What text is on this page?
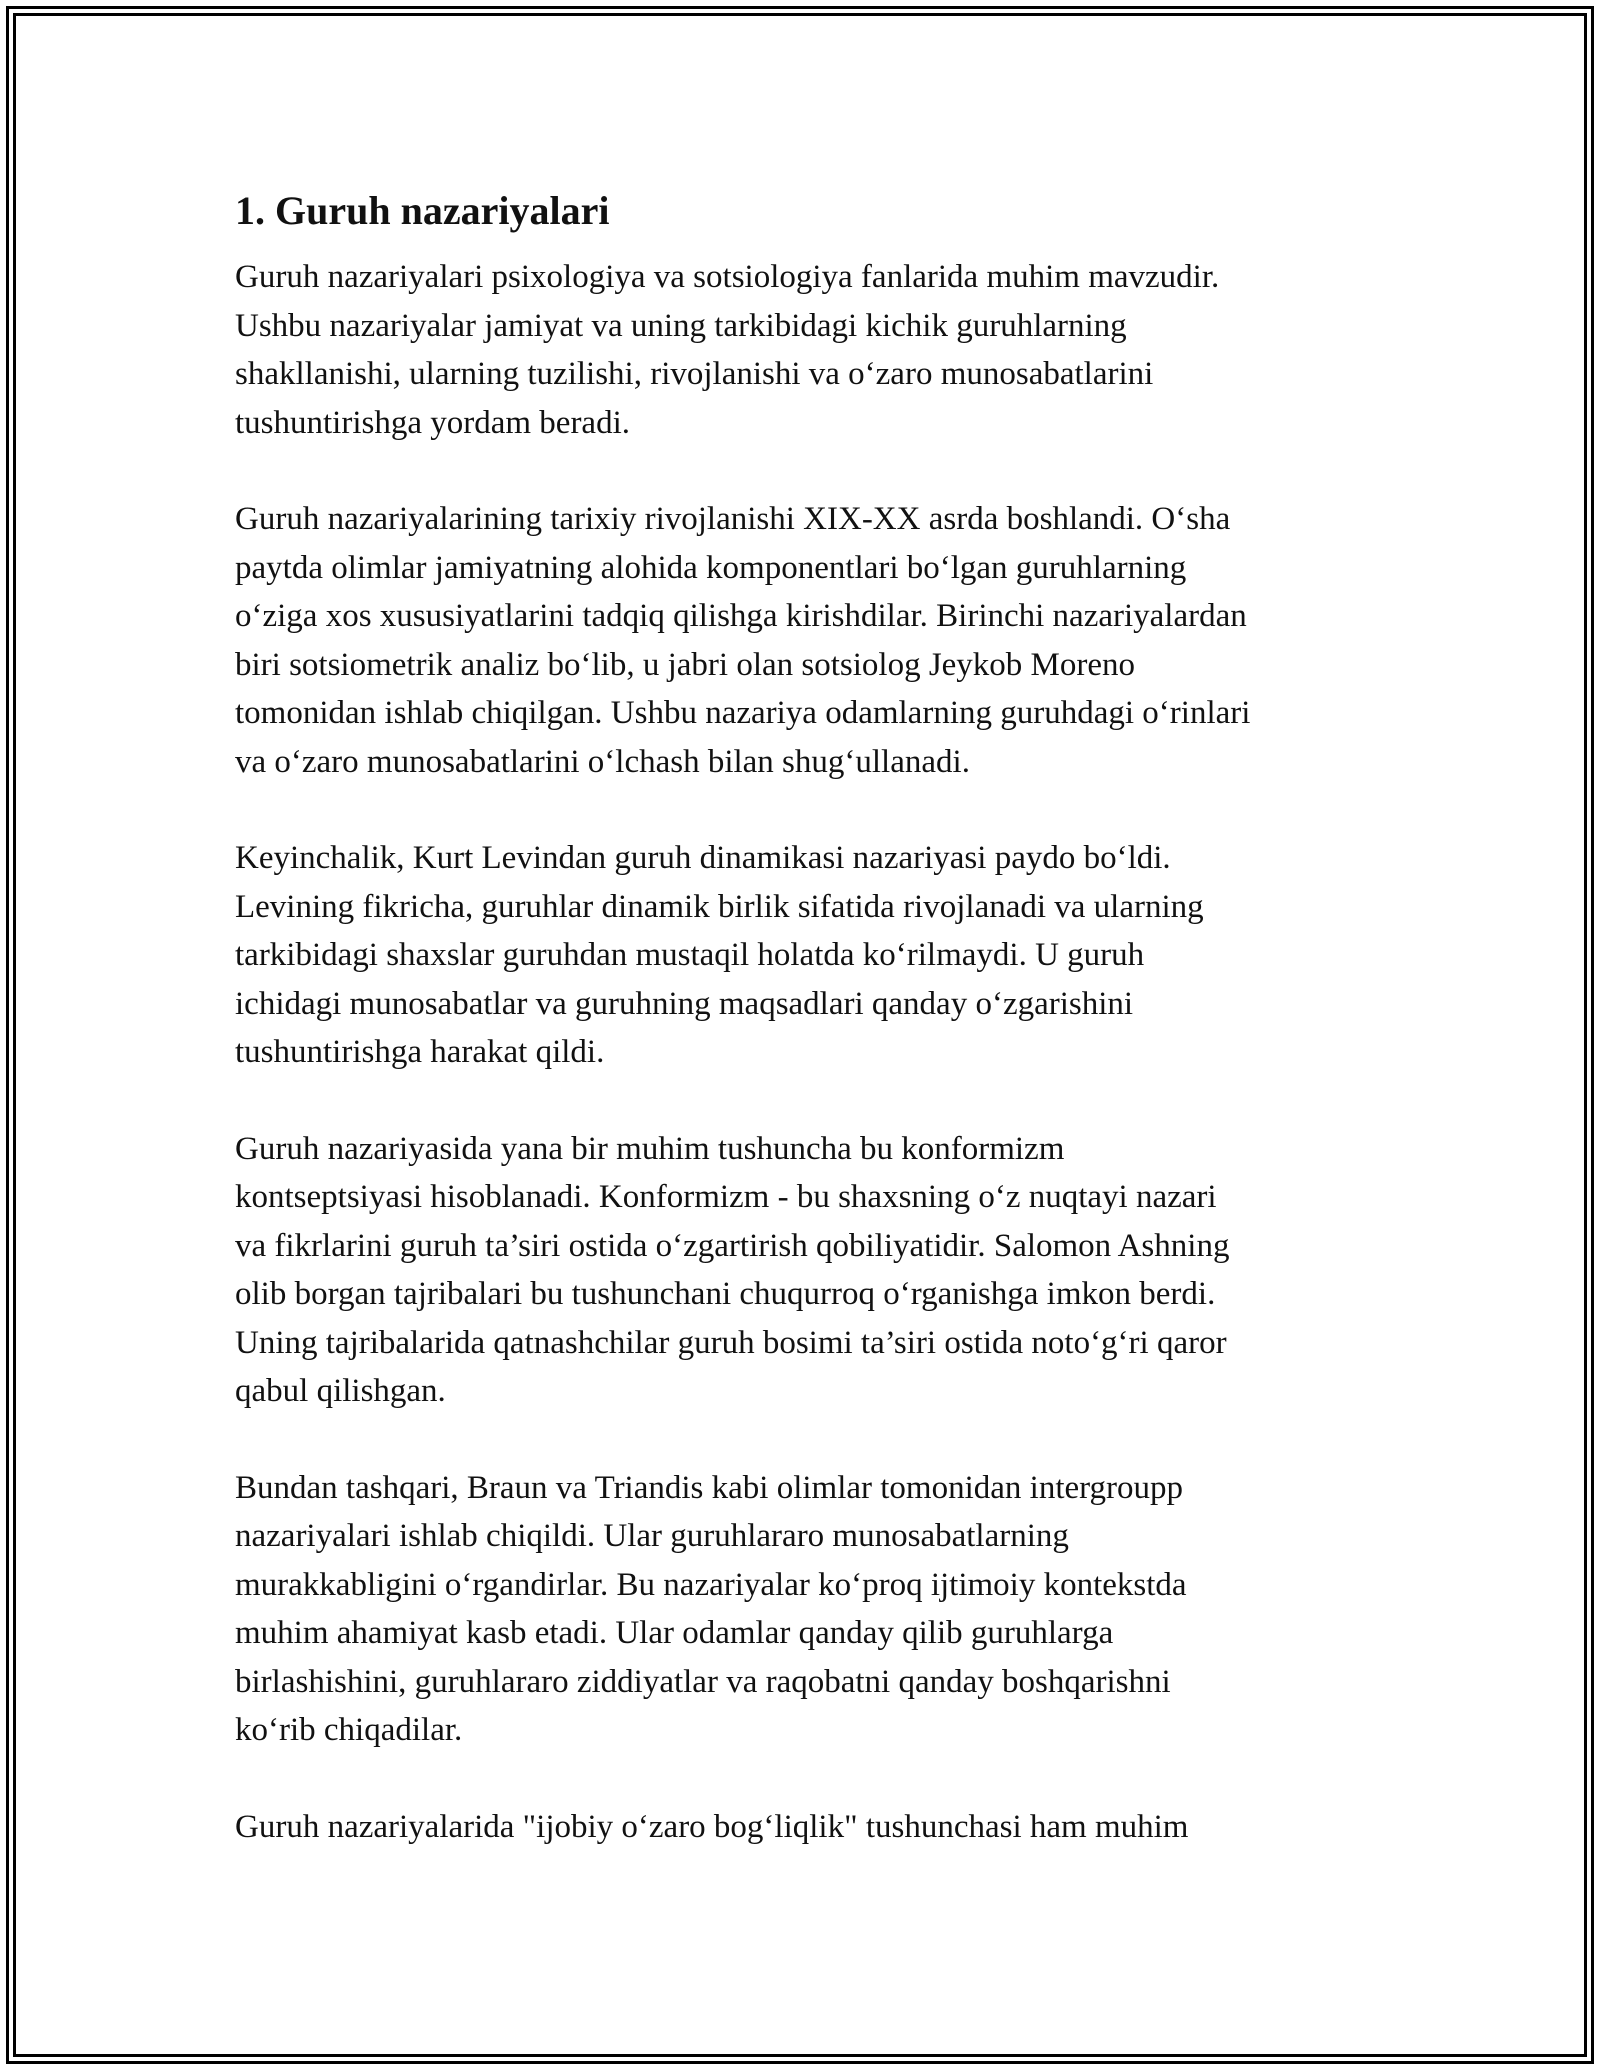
1. Guruh nazariyalari
Guruh nazariyalari psixologiya va sotsiologiya fanlarida muhim mavzudir.
Ushbu nazariyalar jamiyat va uning tarkibidagi kichik guruhlarning
shakllanishi, ularning tuzilishi, rivojlanishi va o‘zaro munosabatlarini
tushuntirishga yordam beradi.
Guruh nazariyalarining tarixiy rivojlanishi XIX-XX asrda boshlandi. O‘sha
paytda olimlar jamiyatning alohida komponentlari bo‘lgan guruhlarning
o‘ziga xos xususiyatlarini tadqiq qilishga kirishdilar. Birinchi nazariyalardan
biri sotsiometrik analiz bo‘lib, u jabri olan sotsiolog Jeykob Moreno
tomonidan ishlab chiqilgan. Ushbu nazariya odamlarning guruhdagi o‘rinlari
va o‘zaro munosabatlarini o‘lchash bilan shug‘ullanadi.
Keyinchalik, Kurt Levindan guruh dinamikasi nazariyasi paydo bo‘ldi.
Levining fikricha, guruhlar dinamik birlik sifatida rivojlanadi va ularning
tarkibidagi shaxslar guruhdan mustaqil holatda ko‘rilmaydi. U guruh
ichidagi munosabatlar va guruhning maqsadlari qanday o‘zgarishini
tushuntirishga harakat qildi.
Guruh nazariyasida yana bir muhim tushuncha bu konformizm
kontseptsiyasi hisoblanadi. Konformizm - bu shaxsning o‘z nuqtayi nazari
va fikrlarini guruh ta’siri ostida o‘zgartirish qobiliyatidir. Salomon Ashning
olib borgan tajribalari bu tushunchani chuqurroq o‘rganishga imkon berdi.
Uning tajribalarida qatnashchilar guruh bosimi ta’siri ostida noto‘g‘ri qaror
qabul qilishgan.
Bundan tashqari, Braun va Triandis kabi olimlar tomonidan intergroupp
nazariyalari ishlab chiqildi. Ular guruhlararo munosabatlarning
murakkabligini o‘rgandirlar. Bu nazariyalar ko‘proq ijtimoiy kontekstda
muhim ahamiyat kasb etadi. Ular odamlar qanday qilib guruhlarga
birlashishini, guruhlararo ziddiyatlar va raqobatni qanday boshqarishni
ko‘rib chiqadilar.
Guruh nazariyalarida "ijobiy o‘zaro bog‘liqlik" tushunchasi ham muhim
